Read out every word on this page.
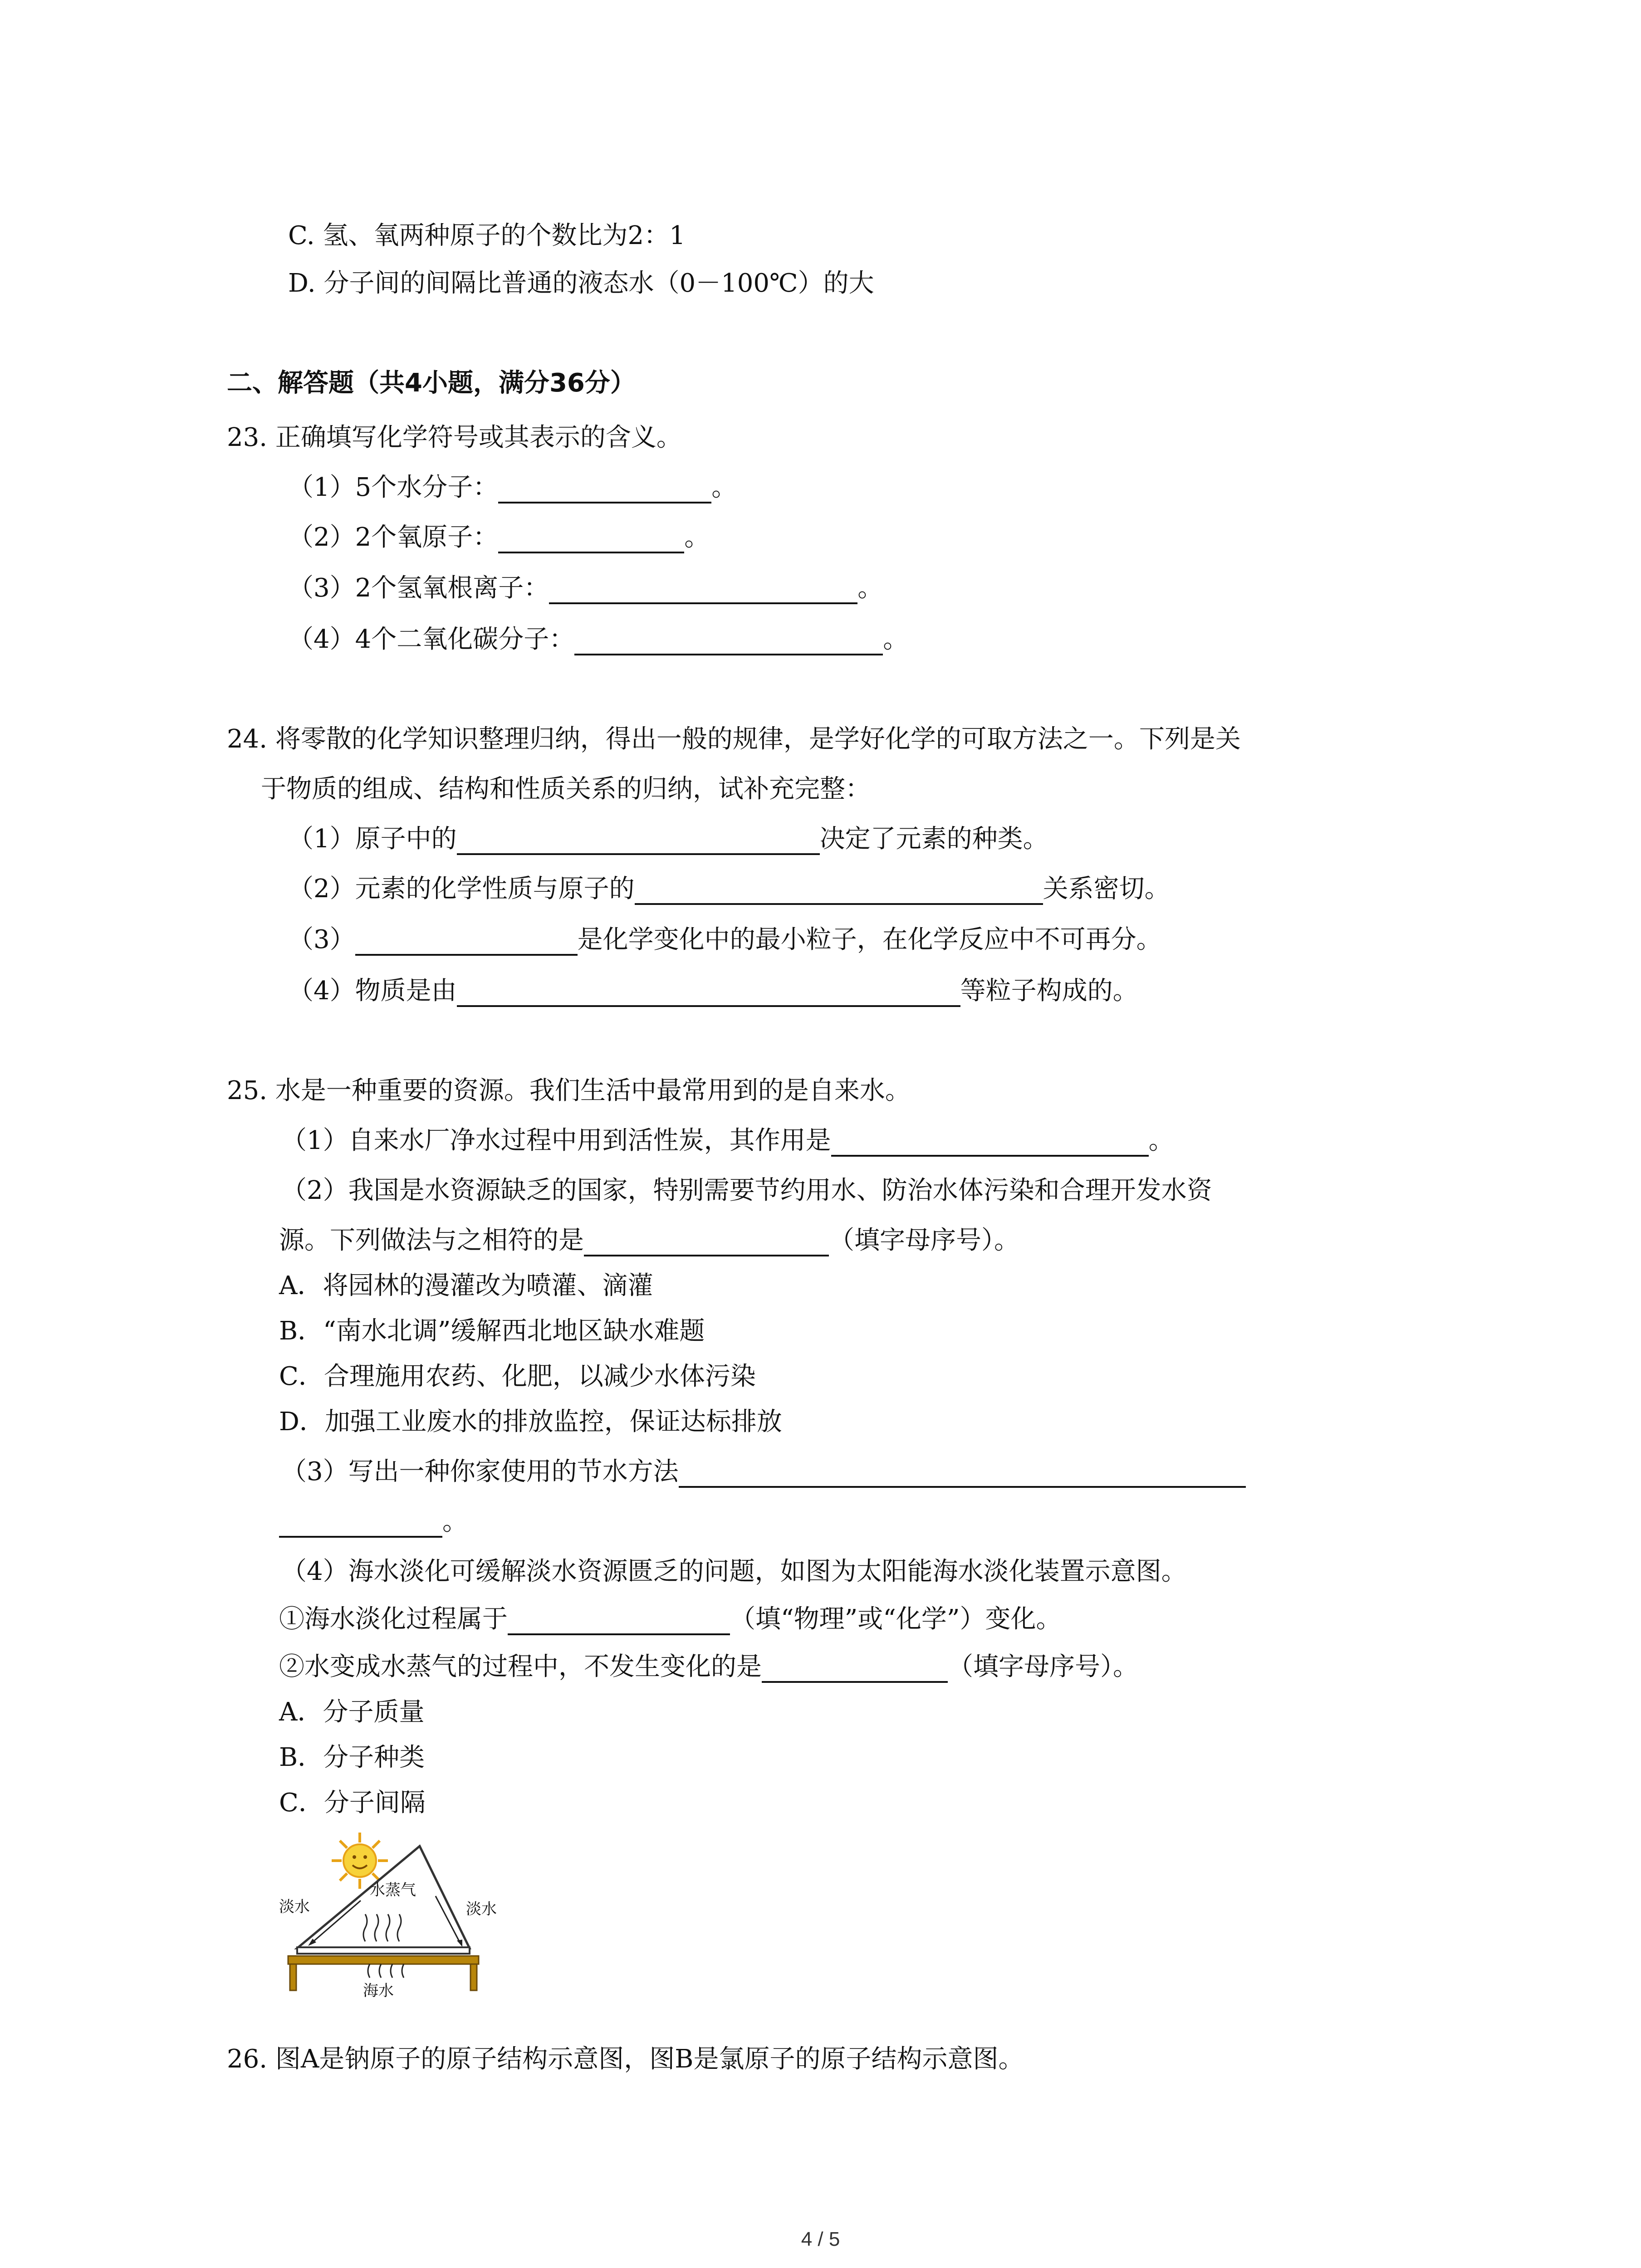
C. 氢、氧两种原子的个数比为2：1
D. 分子间的间隔比普通的液态水（0－100℃）的大
二、解答题（共4小题，满分36分）
23. 正确填写化学符号或其表示的含义。
（1）5个水分子：	。
（2）2个氧原子：	。
（3）2个氢氧根离子：	。
（4）4个二氧化碳分子：	。
24. 将零散的化学知识整理归纳，得出一般的规律，是学好化学的可取方法之一。下列是关
于物质的组成、结构和性质关系的归纳，试补充完整：
（1）原子中的	决定了元素的种类。
（2）元素的化学性质与原子的	关系密切。
（3）	是化学变化中的最小粒子，在化学反应中不可再分。
（4）物质是由	等粒子构成的。
25. 水是一种重要的资源。我们生活中最常用到的是自来水。
（1）自来水厂净水过程中用到活性炭，其作用是	。
（2）我国是水资源缺乏的国家，特别需要节约用水、防治水体污染和合理开发水资
源。下列做法与之相符的是	（填字母序号）。
A．将园林的漫灌改为喷灌、滴灌
B．“南水北调”缓解西北地区缺水难题
C．合理施用农药、化肥，以减少水体污染
D．加强工业废水的排放监控，保证达标排放
（3）写出一种你家使用的节水方法
。
（4）海水淡化可缓解淡水资源匮乏的问题，如图为太阳能海水淡化装置示意图。
①海水淡化过程属于	（填“物理”或“化学”）变化。
②水变成水蒸气的过程中，不发生变化的是	（填字母序号）。
A．分子质量
B．分子种类
C．分子间隔
淡水	淡水
水蒸气
海水
26. 图A是钠原子的原子结构示意图，图B是氯原子的原子结构示意图。
4 / 5
